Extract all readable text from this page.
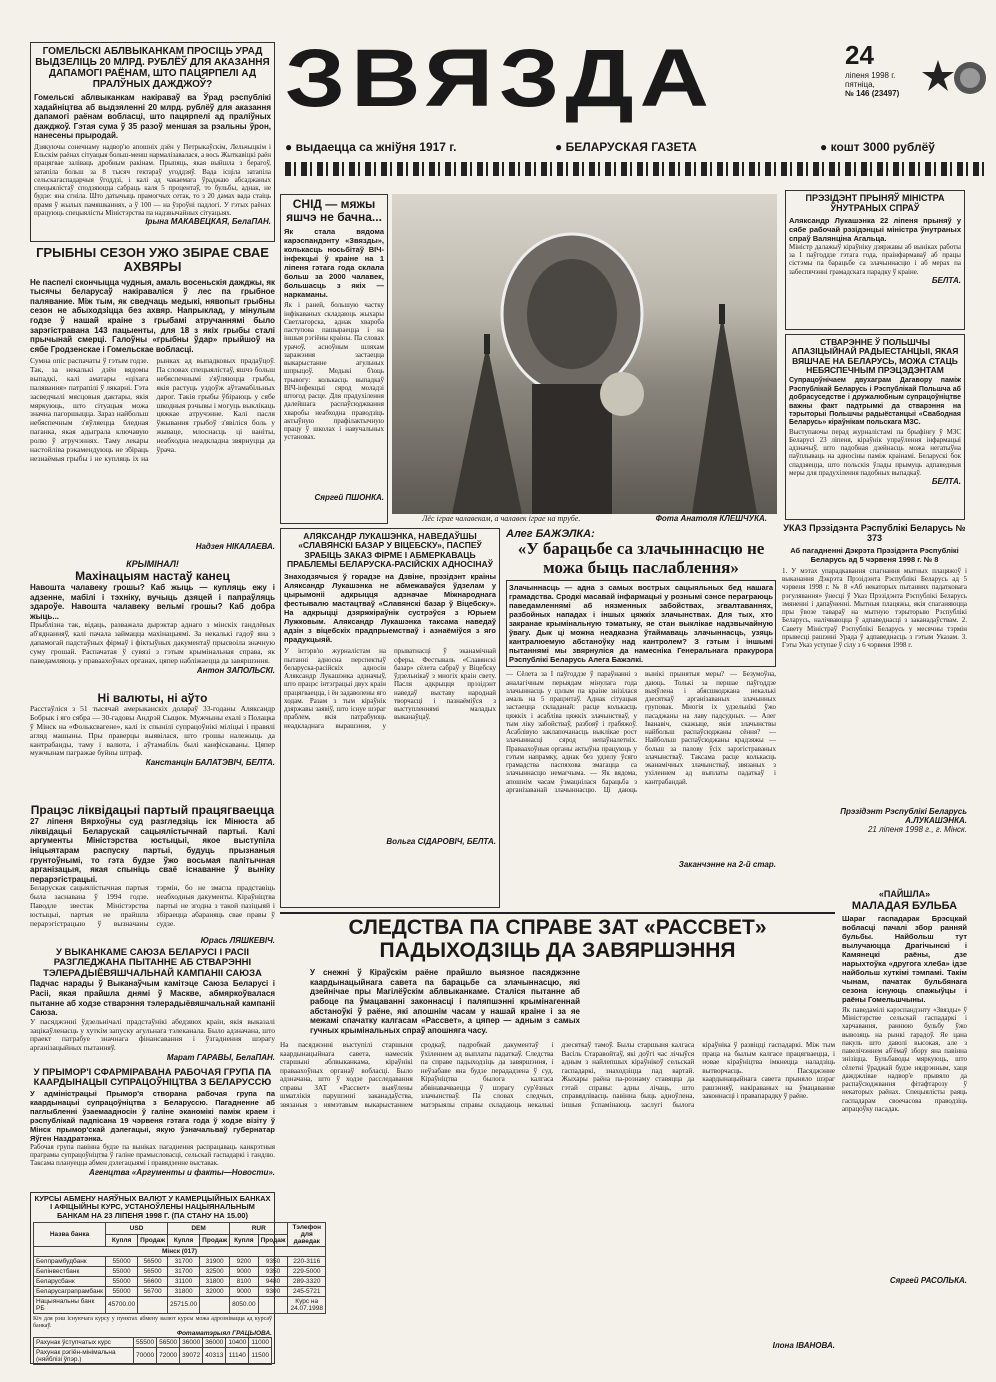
ГОМЕЛЬСКІ АБЛВЫКАНКАМ ПРОСІЦЬ УРАД ВЫДЗЕЛІЦЬ 20 МЛРД. РУБЛЁЎ ДЛЯ АКАЗАННЯ ДАПАМОГІ РАЁНАМ, ШТО ПАЦЯРПЕЛІ АД ПРАЛЎНЫХ ДАЖДЖОЎ?
Гомельскі аблвыканкам накіраваў ва Ўрад рэспублікі хадайніцтва аб выдзяленні 20 млрд. рублёў для аказання дапамогі раёнам вобласці, што пацярпелі ад праліўных дажджоў. Гэтая сума ў 35 разоў меншая за рэальны ўрон, нанесены прыродай.
Дзякуючы сонечнаму надвор'ю апошніх дзён у Петрыкаўскім, Лельчыцкім і Ельскім раёнах сітуацыя больш-менш нармалізавалася, а вось Жыткавіцкі раён працягвае заліваць дробным ракінам. Прыпяць, якая выйшла з берагоў, затапіла больш за 8 тысяч гектараў угоддзяў. Вада ісціла затапіла сельскагаспадарчыя ўгоддзі, і калі ад чакаемага ўраджаю абсаджаных спецыялістаў сподзяюцца сабраць каля 5 процентаў, то бульбы, аднак, не будзе: яна сгніла. Што датычыць прамогчых сетак, то з 20 дамах вада стаіць прамя ў жылых памяшканнях, а ў 100 — на ўзроўні падлогі. У гэтых раёнах працуюць спецыялісты Міністэрства па надзвычайных сітуацыях.
Ірына МАКАВЕЦКАЯ, БелаПАН.
ЗВЯЗДА	24
ліпеня 1998 г. пятніца,
№ 146 (23497)
● выдаецца са жніўня 1917 г.	● БЕЛАРУСКАЯ ГАЗЕТА	● кошт 3000 рублёў
ГРЫБНЫ СЕЗОН УЖО ЗБІРАЕ СВАЕ АХВЯРЫ
Не паспелі скончыцца чудныя, амаль восеньскія дажджы, як тысячы беларусаў накіраваліся ў лес па грыбное палявание. Між тым, як сведчаць медыкі, нявопыт грыбны сезон не абыходзіцца без ахвяр. Напрыклад, у мінулым годзе ў нашай краіне з грыбамі атручаннямі было зарэгістравана 143 пацыенты, для 18 з якіх грыбы сталі прычынай смерці. Галоўны «грыбны ўдар» прыйшоў на сябе Гродзенскае і Гомельскае вобласці.
Сумна опіс распачаты ў гэтым годзе. Так, за некалькі дзён вядомы выпадкі, калі аматары «ціхага палявання» патрапілі ў лякарні. Гэта засведчылі мясцовыя дактары, якія мяркуюць, што сітуацыя можа значна пагоршыцца. Зараз найбольш небяспечным з'яўляецца бледная паганка, якая адыграла ключавую ролю ў атручэннях. Таму лекары настойліва рэкамендуюць не збіраць незнаёмыя грыбы і не купляць іх на рынках ад выпадковых прадаўцоў. Па словах спецыялістаў, яшчэ больш небяспечнымі з'яўляюцца грыбы, якія растуць уздоўж аўтамабільных дарог. Такія грыбы ўбіраюць у сябе шкодныя рэчывы і могуць выклікаць цяжкае атручэнне. Калі пасля ўжывання грыбоў з'явіліся боль у жываце, млоснасць ці ваніты, неабходна неадкладна звярнуцца да ўрача.
Надзея НІКАЛАЕВА.
КРЫМІНАЛ!
Махінацыям настаў канец
Навошта чалавеку грошы? Каб жыць — купляць ежу і адзенне, мабілі і тэхніку, вучыць дзяцей і папраўляць здароўе. Навошта чалавеку вельмі грошы? Каб добра жыць...
Прыблізна так, відаць, разважала дырэктар аднаго з мінскіх гандлёвых аб'яднанняў, калі пачала займацца махінацыямі. За некалькі гадоў яна з дапамогай падстаўных фірмаў і фіктыўных дакументаў прысвоіла значную суму грошай. Распачатая ў сувязі з гэтым крымінальная справа, як паведамляюць у праваахоўных органах, цяпер набліжаецца да завяршэння.
Антон ЗАПОЛЬСКІ.
Ні валюты, ні аўто
Расстаўліся з 51 тысячай амерыканскіх долараў 33-годаны Аляксандр Бобрык і яго сябра — 30-гадовы Андрэй Сыцюк. Мужчыны ехалі з Полацка ў Мінск на «Фольксвагене», калі іх спынілі супрацоўнікі міліцыі і правялі агляд машыны. Пры праверцы выявілася, што грошы належыць да кантрабанды, таму і валюта, і аўтамабіль былі канфіскаваны. Цяпер мужчынам пагражае буйны штраф.
Канстанцін БАЛАТЭВІЧ, БЕЛТА.
Працэс ліквідацыі партый працягваецца
27 ліпеня Вярхоўны суд разгледзіць іск Мінюста аб ліквідацыі Беларускай сацыялістычнай партыі. Калі аргументы Міністэрства юстыцыі, якое выступіла ініцыятарам распуску партыі, будуць прызнаныя грунтоўнымі, то гэта будзе ўжо восьмая палітычная арганізацыя, якая спыніць сваё існаванне ў выніку перарэгістрацыі.
Беларуская сацыялістычная партыя была заснавана ў 1994 годзе. Паводле звестак Міністэрства юстыцыі, партыя не прайшла перарэгістрацыю ў вызначаны тэрмін, бо не змагла прадставіць неабходныя дакументы. Кіраўніцтва партыі не згодна з такой пазіцыяй і збіраецца абараняць свае правы ў судзе.
Юрась ЛЯШКЕВІЧ.
У ВЫКАНКАМЕ САЮЗА БЕЛАРУСІ І РАСІІ РАЗГЛЕДЖАНА ПЫТАННЕ АБ СТВАРЭННІ ТЭЛЕРАДЫЁВЯШЧАЛЬНАЙ КАМПАНІІ САЮЗА
Падчас нарады ў Выканаўчым камітэце Саюза Беларусі і Расіі, якая прайшла днямі ў Маскве, абмяркоўвалася пытанне аб ходзе стварэння тэлерадыёвяшчальнай кампаніі Саюза.
У пасяджэнні ўдзельнічалі прадстаўнікі абедзвюх краін, якія выказалі зацікаўленасць у хуткім запуску агульнага тэлеканала. Было адзначана, што праект патрабуе значнага фінансавання і ўзгаднення шэрагу арганізацыйных пытанняў.
Марат ГАРАВЫ, БелаПАН.
У ПРЫМОР'І СФАРМІРАВАНА РАБОЧАЯ ГРУПА ПА КААРДЫНАЦЫІ СУПРАЦОЎНІЦТВА З БЕЛАРУССЮ
У адміністрацыі Прымор'я створана рабочая група па каардынацыі супрацоўніцтва з Беларуссю. Пагадненне аб паглыбленні ўзаемаадносін ў галіне эканомікі паміж краем і рэспублікай падпісана 19 чэрвеня гэтага года ў ходзе візіту ў Мінск прымор'скай дэлегацыі, якую ўзначальваў губернатар Яўген Наздратэнка.
Рабочая група павінна будзе па выніках пагаднення распрацаваць канкрэтныя праграмы супрацоўніцтва ў галіне прамысловасці, сельскай гаспадаркі і гандлю. Таксама плануецца абмен дэлегацыямі і правядзенне выставак.
Агенцтва «Аргументы и факты—Новости».
КУРСЫ АБМЕНУ НАЯЎНЫХ ВАЛЮТ У КАМЕРЦЫЙНЫХ БАНКАХ І АФІЦЫЙНЫ КУРС, УСТАНОЎЛЕНЫ НАЦЫЯНАЛЬНЫМ БАНКАМ НА 23 ЛІПЕНЯ 1998 Г. (ПА СТАНУ НА 15.00)
Назва банка	USD		DEM		RUR		Тэлефон для даведак
	Купля	Продаж	Купля	Продаж	Купля	Продаж	
Мінск (017)							
Белпрамбудбанк	55000	56500	31700	31900	9200	9350	220-3116
Белінвестбанк	55000	56500	31700	32500	9000	9350	229-5000
Беларусбанк	55000	56600	31100	31800	8100	9480	289-3320
Беларусаграпрамбанк	55000	56700	31800	32000	9000	9300	245-5721
Нацыянальны банк РБ	45700.00		25715.00		8050.00		Курс на 24.07.1998
Кіч для рэш існуючага курсу у пунктах абмену валют курсы можа адрознівацца ад курсаў банкаў.
Фотаматэрыял ГРАЦЫОВА.
Рахунак ўступчатых курс	55500	56500	36000	36000	10400	11000
Рахунак рэгіён-мінімальна (няйблізі ўпэр.)	70000	72000	39072	40313	11140	11500
СНІД — мяжы яшчэ не бачна...
Як стала вядома карэспандэнту «Звязды», колькасць носьбітаў ВІЧ-інфекцыі ў краіне на 1 ліпеня гэтага года склала больш за 2000 чалавек, большасць з якіх — наркаманы.
Як і раней, большую частку інфікаваных складаюць жыхары Светлагорска, аднак хвароба паступова пашыраецца і на іншыя рэгіёны краіны. Па словах урачоў, асноўным шляхам заражэння застаецца выкарыстанне агульных шпрыцоў. Медыкі б'юць трывогу: колькасць выпадкаў ВІЧ-інфекцыі сярод моладзі штогод расце. Для прадухілення далейшага распаўсюджвання хваробы неабходна праводзіць актыўную прафілактычную працу ў школах і навучальных установах.
Сяргей ПШОНКА.
Лёс іграе чалавекам, а чалавек іграе на трубе.	Фота Анатоля КЛЕШЧУКА.
ПРЭЗІДЭНТ ПРЫНЯЎ МІНІСТРА ЎНУТРАНЫХ СПРАЎ
Аляксандр Лукашэнка 22 ліпеня прыняў у сябе рабочай рэзідэнцыі міністра ўнутраных спраў Валянціна Агальца.
Міністр далажыў кіраўніку дзяржавы аб выніках работы за І паўгоддзе гэтага года, праінфармаваў аб працы сістэмы па барацьбе са злачыннасцю і аб мерах па забеспячэнні грамадскага парадку ў краіне.
БЕЛТА.
СТВАРЭННЕ Ў ПОЛЬШЧЫ АПАЗІЦЫЙНАЙ РАДЫЕСТАНЦЫІ, ЯКАЯ ВЯШЧАЕ НА БЕЛАРУСЬ, МОЖА СТАЦЬ НЕБЯСПЕЧНЫМ ПРЭЦЭДЭНТАМ
Супрацоўнічаем двухаграм Дагавору паміж Рэспублікай Беларусь і Рэспублікай Польшча аб добрасуседстве і дружалюбным супрацоўніцтве важны факт падтрымкі да стварэння на тэрыторыі Польшчы радыёстанцыі «Свабодная Беларусь» кіраўнікам польскага МЗС.
Выступаючы перад журналістамі па брыфінгу ў МЗС Беларусі 23 ліпеня, кіраўнік упраўлення інфармацыі адзначыў, што падобная дзейнасць можа негатыўна паўплываць на адносіны паміж краінамі. Беларускі бок спадзяецца, што польскія ўлады прымуць адпаведныя меры для прадухілення падобных выпадкаў.
БЕЛТА.
АЛЯКСАНДР ЛУКАШЭНКА, НАВЕДАЎШЫ «СЛАВЯНСКІ БАЗАР У ВІЦЕБСКУ», ПАСПЕЎ ЗРАБІЦЬ ЗАКАЗ ФІРМЕ І АБМЕРКАВАЦЬ ПРАБЛЕМЫ БЕЛАРУСКА-РАСІЙСКІХ АДНОСІНАЎ
Знаходзячыся ў горадзе на Дзвіне, прэзідэнт краіны Аляксандр Лукашэнка не абмежаваўся ўдзелам у цырымоніі адкрыцця адзначае Міжнароднага фестывалю мастацтваў «Славянскі базар ў Віцебску». На адкрыцці дзяржкіраўнік сустрэўся з Юрыем Лужковым. Аляксандр Лукашэнка таксама наведаў адзін з віцебскіх прадпрыемстваў і азнаёміўся з яго прадукцыяй.
У інтэрв'ю журналістам на пытанні адносна перспектыў беларуска-расійскіх адносін Аляксандр Лукашэнка адзначыў, што працэс інтэграцыі двух краін працягваецца, і ён задаволены яго ходам. Разам з тым кіраўнік дзяржавы заявіў, што існуе шэраг праблем, якія патрабуюць неадкладнага вырашэння, у прыватнасці ў эканамічнай сферы. Фестываль «Славянскі базар» сёлета сабраў у Віцебску ўдзельнікаў з многіх краін свету. Пасля адкрыцця прэзідэнт наведаў выставу народнай творчасці і пазнаёміўся з выступленнямі маладых выканаўцаў.
Вольга СІДАРОВІЧ, БЕЛТА.
Алег БАЖЭЛКА:
«У барацьбе са злачыннасцю не можа быць паслаблення»
Злачыннасць — адна з самых вострых сацыяльных бед нашага грамадства. Сродкі масавай інфармацыі у рознымі сэнсе пераграюць паведамленнямі аб нязменных забойствах, згвалтаваннях, разбойных нападах і іншых цяжкіх злачынствах. Для тых, хто закранае крымінальную тэматыку, яе стан выклікае надзвычайную ўвагу. Дык ці можна неадказна ўтаймаваць злачыннасць, узяць кантралюемую абстаноўку над кантролем? З гэтым і іншымі пытаннямі мы звярнуліся да намесніка Генеральнага пракурора Рэспублікі Беларусь Алега Бажэлкі.
— Сёлета за І паўгоддзе ў параўнанні з аналагічным перыядам мінулага года злачыннасць у цэлым па краіне знізілася амаль на 5 працэнтаў. Аднак сітуацыя застаецца складанай: расце колькасць цяжкіх і асабліва цяжкіх злачынстваў, у тым ліку забойстваў, разбояў і грабяжоў. Асаблівую заклапочанасць выклікае рост злачыннасці сярод непаўналетніх. Праваахоўныя органы актыўна працуюць у гэтым напрамку, аднак без удзелу ўсяго грамадства паспяхова змагацца са злачыннасцю немагчыма. — Як вядома, апошнім часам ўзмацнілася барацьба з арганізаванай злачыннасцю. Ці даюць вынікі прынятыя меры? — Безумоўна, даюць. Толькі за першае паўгоддзе выяўлена і абясшкоджана некалькі дзесяткаў арганізаваных злачынных груповак. Многія іх удзельнікі ўжо пасаджаны на лаву падсудных. — Алег Іванавіч, скажыце, якія злачынствы найбольш распаўсюджаны сёння? — Найбольш распаўсюджаны крадзяжы — больш за палову ўсіх зарэгістраваных злачынстваў. Таксама расце колькасць эканамічных злачынстваў, звязаных з ухіленнем ад выплаты падаткаў і кантрабандай.
Заканчэнне на 2-й стар.
УКАЗ Прэзідэнта Рэспублікі Беларусь № 373
Аб пагадненні Дэкрэта Прэзідэнта Рэспублікі Беларусь ад 5 чэрвеня 1998 г. № 8
1. У мэтах упарадкавання спагнання мытных плацяжоў і выканання Дэкрэта Прэзідэнта Рэспублікі Беларусь ад 5 чэрвеня 1998 г. № 8 «Аб некаторых пытаннях падатковага рэгулявання» ўнесці ў Указ Прэзідэнта Рэспублікі Беларусь змяненні і дапаўненні. Мытныя плацяжы, якія спаганяюцца пры ўвозе тавараў на мытную тэрыторыю Рэспублікі Беларусь, налічваюцца ў адпаведнасці з заканадаўствам. 2. Савету Міністраў Рэспублікі Беларусь у месячны тэрмін прывесці рашэнні Урада ў адпаведнасць з гэтым Указам. 3. Гэты Указ уступае ў сілу з 6 чэрвеня 1998 г.
Прэзідэнт Рэспублікі Беларусь А.ЛУКАШЭНКА.
21 ліпеня 1998 г., г. Мінск.
«ПАЙШЛА»
МАЛАДАЯ БУЛЬБА
Шараг гаспадарак Брэсцкай вобласці пачалі збор ранняй бульбы. Найбольш тут вылучаюцца Драгічынскі і Камянецкі раёны, дзе нарыхтоўка «другога хлеба» ідзе найбольш хуткімі тэмпамі. Такім чынам, пачатак бульбянага сезона існуюць спажыўцы і раёны Гомельшчыны.
Як паведамілі карэспандэнту «Звязды» ў Міністэрстве сельскай гаспадаркі і харчавання, раннюю бульбу ўжо вывозяць на рынкі гарадоў. Яе цана пакуль што даволі высокая, але з павелічэннем аб'ёмаў збору яна павінна знізіцца. Бульбаводы мяркуюць, што сёлетні ўраджай будзе нядрэнным, хаця дажджлівае надвор'е прывяло да распаўсюджвання фітафтарозу ў некаторых раёнах. Спецыялісты раяць гаспадарам своечасова праводзіць апрацоўку пасадак.
Сяргей РАСОЛЬКА.
СЛЕДСТВА ПА СПРАВЕ ЗАТ «РАССВЕТ» ПАДЫХОДЗІЦЬ ДА ЗАВЯРШЭННЯ
У снежні ў Кіраўскім раёне прайшло выязное пасяджэнне каардынацыйнага савета па барацьбе са злачыннасцю, які дзейнічае пры Магілёўскім аблвыканкаме. Сталіся пытанне аб рабоце па ўмацаванні законнасці і паляпшэнні крымінагеннай абстаноўкі ў раёне, які апошнім часам у нашай краіне і за яе межамі спачатку калгасам «Рассвет», а цяпер — адным з самых гучных крымінальных спраў апошняга часу.
На пасяджэнні выступілі старшыня каардынацыйнага савета, намеснік старшыні аблвыканкама, кіраўнікі праваахоўных органаў вобласці. Было адзначана, што ў ходзе расследавання справы ЗАТ «Рассвет» выяўлены шматлікія парушэнні заканадаўства, звязаныя з нямэтавым выкарыстаннем сродкаў, падробкай дакументаў і ўхіленнем ад выплаты падаткаў. Следства па справе падыходзіць да завяршэння, і неўзабаве яна будзе перададзена ў суд. Кіраўніцтва былога калгаса абвінавачваецца ў шэрагу сур'ёзных злачынстваў. Па словах следчых, матэрыялы справы складаюць некалькі дзесяткаў тамоў. Былы старшыня калгаса Васіль Старавойтаў, які доўгі час лічыўся адным з найлепшых кіраўнікоў сельскай гаспадаркі, знаходзіцца пад вартай. Жыхары раёна па-рознаму ставяцца да гэтай справы: адны лічаць, што справядлівасць павінна быць адноўлена, іншыя ўспамінаюць заслугі былога кіраўніка ў развіцці гаспадаркі. Між тым праца на былым калгасе працягваецца, і новае кіраўніцтва імкнецца наладзіць вытворчасць. Пасяджэнне каардынацыйнага савета прыняло шэраг рашэнняў, накіраваных на ўмацаванне законнасці і правапарадку ў раёне.
Ілона ІВАНОВА.
